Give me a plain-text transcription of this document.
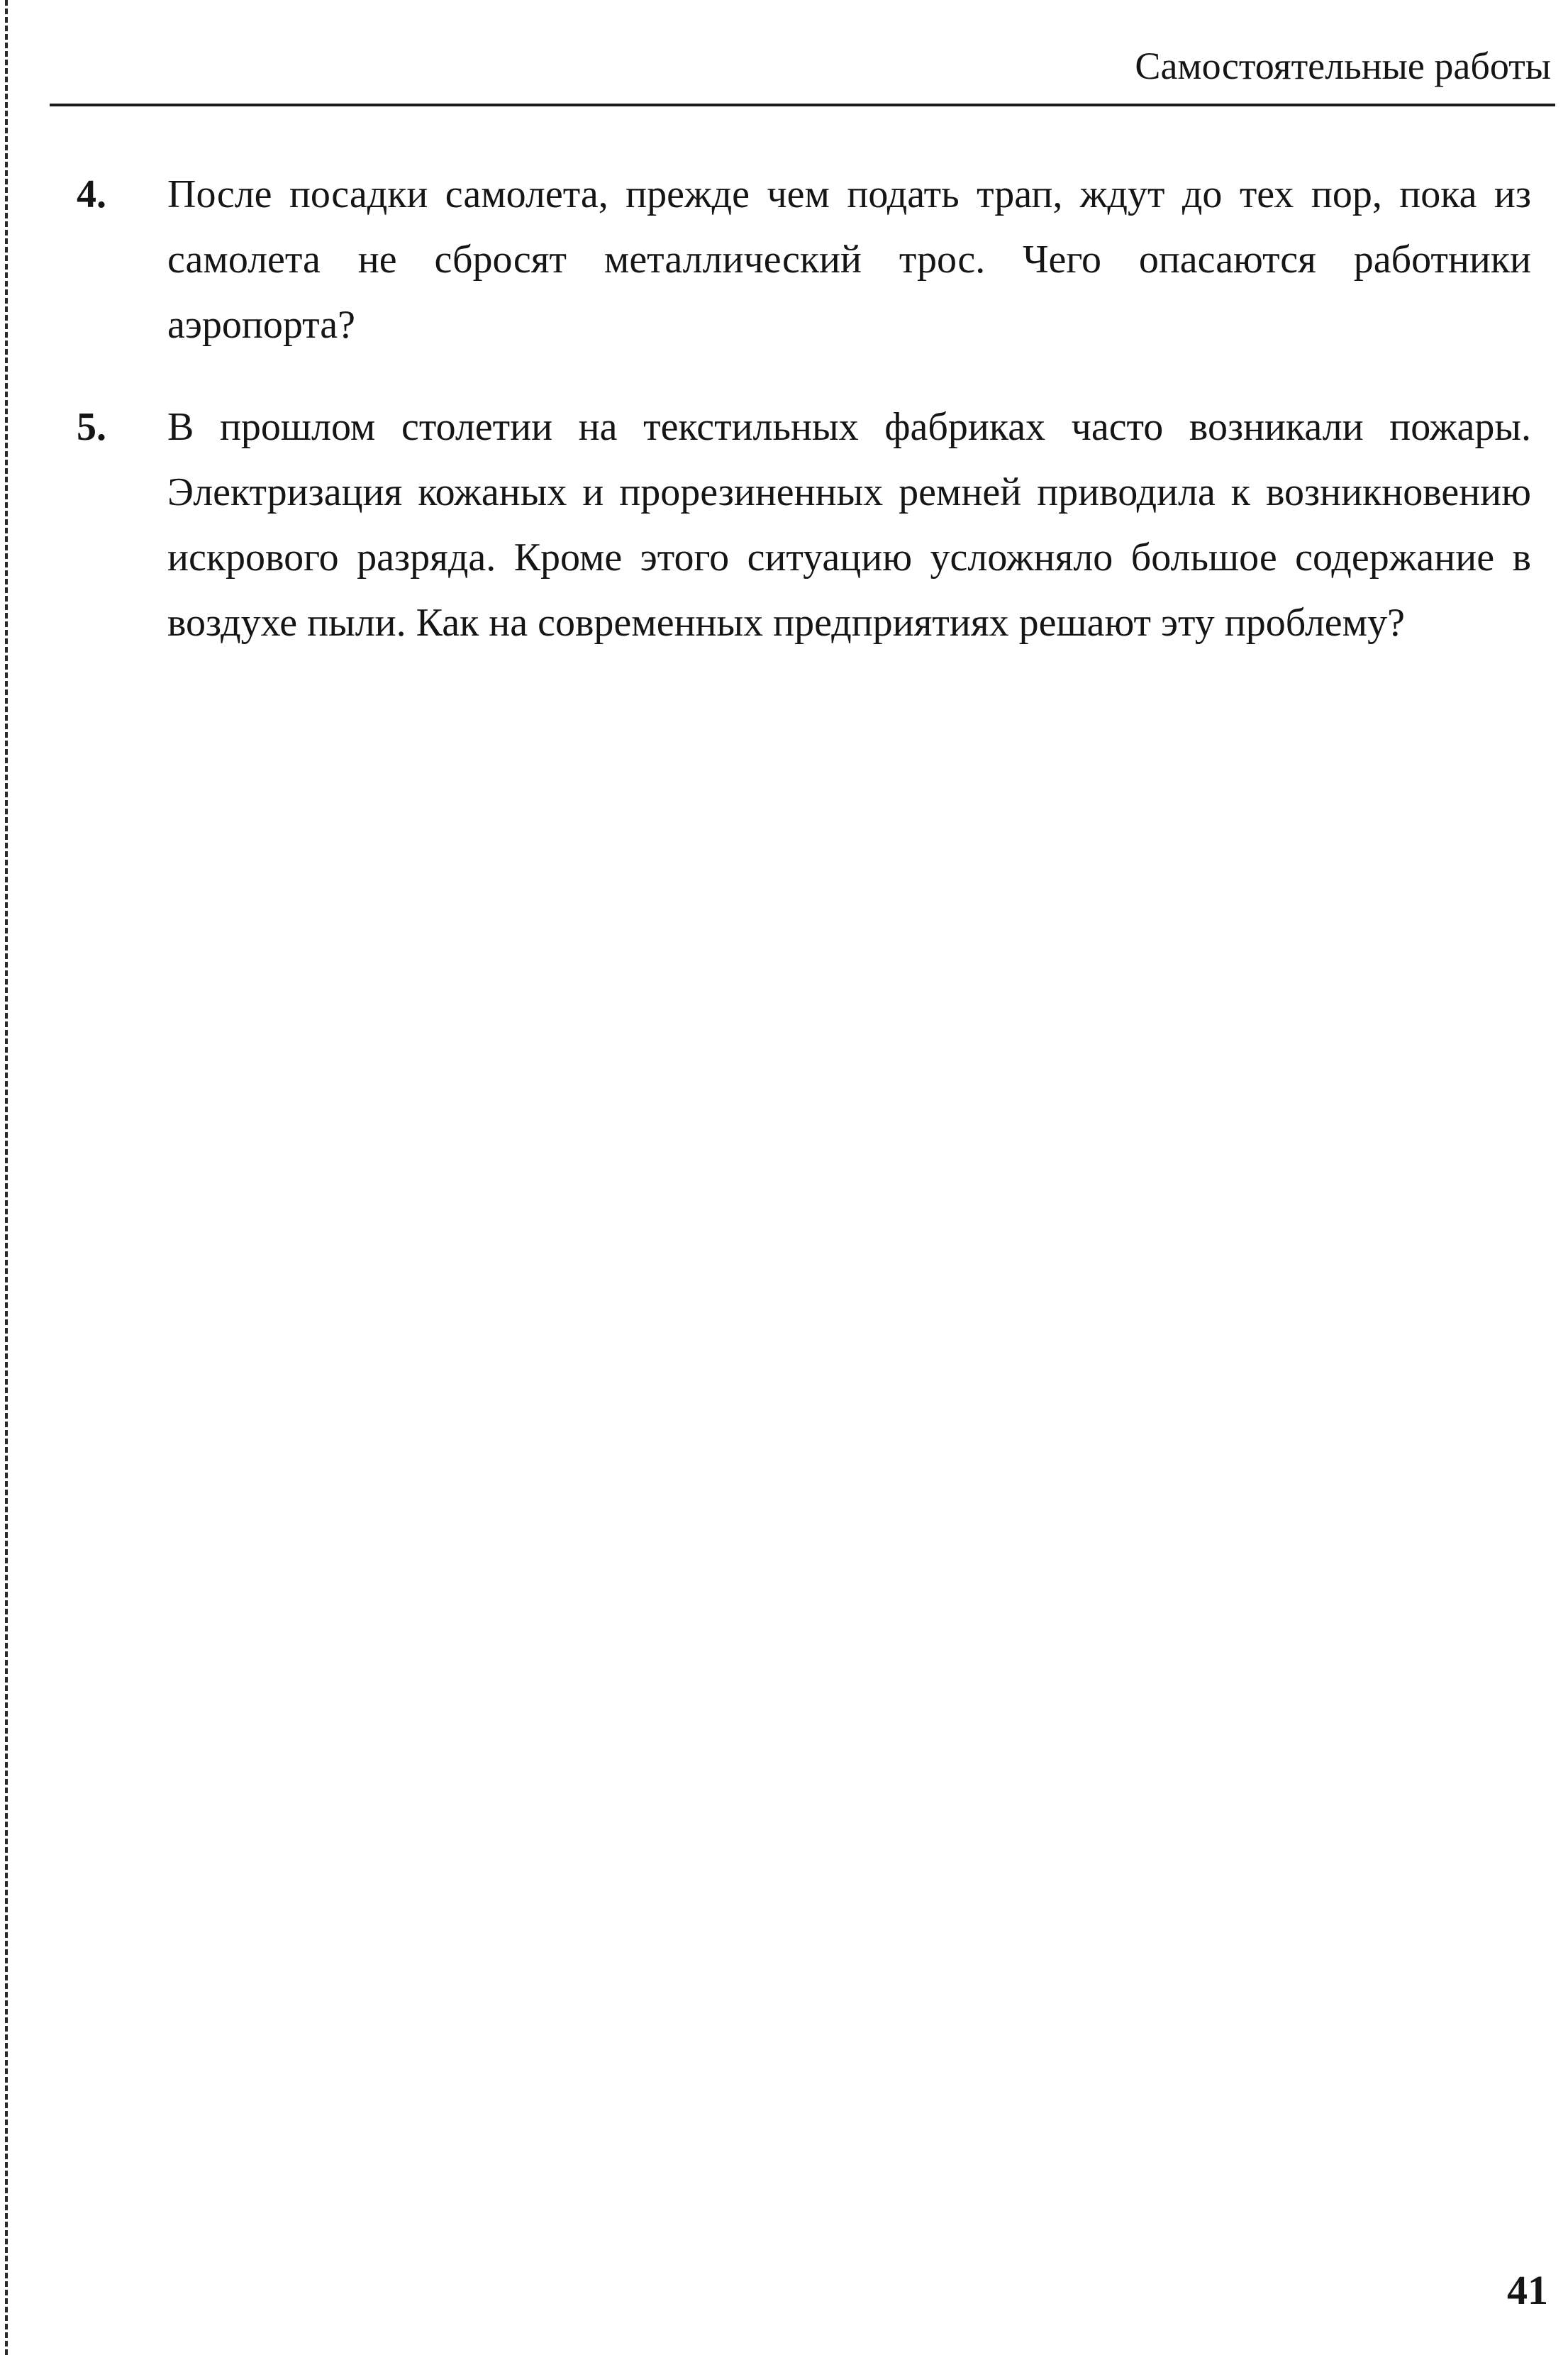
Самостоятельные работы
4. После посадки самолета, прежде чем подать трап, ждут до тех пор, пока из самолета не сбросят металлический трос. Чего опасаются работники аэропорта?
5. В прошлом столетии на текстильных фабриках часто возникали пожары. Электризация кожаных и прорезиненных ремней приводила к возникновению искрового разряда. Кроме этого ситуацию усложняло большое содержание в воздухе пыли. Как на современных предприятиях решают эту проблему?
41
